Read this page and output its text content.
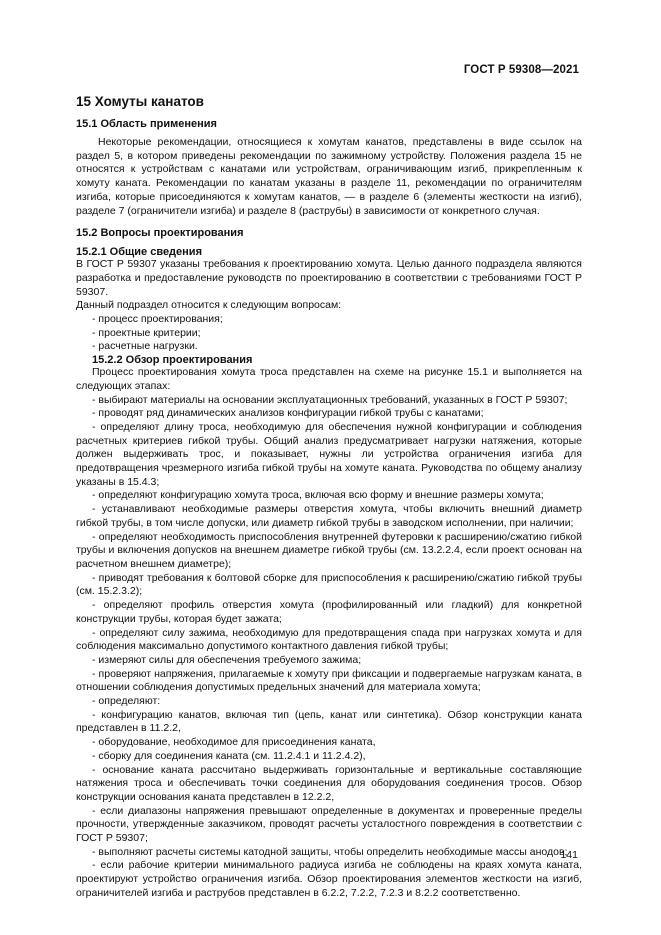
ГОСТ Р 59308—2021
15 Хомуты канатов
15.1 Область применения

Некоторые рекомендации, относящиеся к хомутам канатов, представлены в виде ссылок на раздел 5, в котором приведены рекомендации по зажимному устройству. Положения раздела 15 не относятся к устройствам с канатами или устройствам, ограничивающим изгиб, прикрепленным к хомуту каната. Рекомендации по канатам указаны в разделе 11, рекомендации по ограничителям изгиба, которые присоединяются к хомутам канатов, — в разделе 6 (элементы жесткости на изгиб), разделе 7 (ограничители изгиба) и разделе 8 (раструбы) в зависимости от конкретного случая.

15.2 Вопросы проектирования
15.2.1 Общие сведения

В ГОСТ Р 59307 указаны требования к проектированию хомута. Целью данного подраздела являются разработка и предоставление руководств по проектированию в соответствии с требованиями ГОСТ Р 59307.

Данный подраздел относится к следующим вопросам:

- процесс проектирования;

- проектные критерии;

- расчетные нагрузки.

15.2.2 Обзор проектирования

Процесс проектирования хомута троса представлен на схеме на рисунке 15.1 и выполняется на следующих этапах:

- выбирают материалы на основании эксплуатационных требований, указанных в ГОСТ Р 59307;

- проводят ряд динамических анализов конфигурации гибкой трубы с канатами;

- определяют длину троса, необходимую для обеспечения нужной конфигурации и соблюдения расчетных критериев гибкой трубы. Общий анализ предусматривает нагрузки натяжения, которые должен выдерживать трос, и показывает, нужны ли устройства ограничения изгиба для предотвращения чрезмерного изгиба гибкой трубы на хомуте каната. Руководства по общему анализу указаны в 15.4.3;

- определяют конфигурацию хомута троса, включая всю форму и внешние размеры хомута;

- устанавливают необходимые размеры отверстия хомута, чтобы включить внешний диаметр гибкой трубы, в том числе допуски, или диаметр гибкой трубы в заводском исполнении, при наличии;

- определяют необходимость приспособления внутренней футеровки к расширению/сжатию гибкой трубы и включения допусков на внешнем диаметре гибкой трубы (см. 13.2.2.4, если проект основан на расчетном внешнем диаметре);

- приводят требования к болтовой сборке для приспособления к расширению/сжатию гибкой трубы (см. 15.2.3.2);

- определяют профиль отверстия хомута (профилированный или гладкий) для конкретной конструкции трубы, которая будет зажата;

- определяют силу зажима, необходимую для предотвращения спада при нагрузках хомута и для соблюдения максимально допустимого контактного давления гибкой трубы;

- измеряют силы для обеспечения требуемого зажима;

- проверяют напряжения, прилагаемые к хомуту при фиксации и подвергаемые нагрузкам каната, в отношении соблюдения допустимых предельных значений для материала хомута;

- определяют:

- конфигурацию канатов, включая тип (цепь, канат или синтетика). Обзор конструкции каната представлен в 11.2.2,

- оборудование, необходимое для присоединения каната,

- сборку для соединения каната (см. 11.2.4.1 и 11.2.4.2),

- основание каната рассчитано выдерживать горизонтальные и вертикальные составляющие натяжения троса и обеспечивать точки соединения для оборудования соединения тросов. Обзор конструкции основания каната представлен в 12.2.2,

- если диапазоны напряжения превышают определенные в документах и проверенные пределы прочности, утвержденные заказчиком, проводят расчеты усталостного повреждения в соответствии с ГОСТ Р 59307;

- выполняют расчеты системы катодной защиты, чтобы определить необходимые массы анодов;

- если рабочие критерии минимального радиуса изгиба не соблюдены на краях хомута каната, проектируют устройство ограничения изгиба. Обзор проектирования элементов жесткости на изгиб, ограничителей изгиба и раструбов представлен в 6.2.2, 7.2.2, 7.2.3 и 8.2.2 соответственно.

141
